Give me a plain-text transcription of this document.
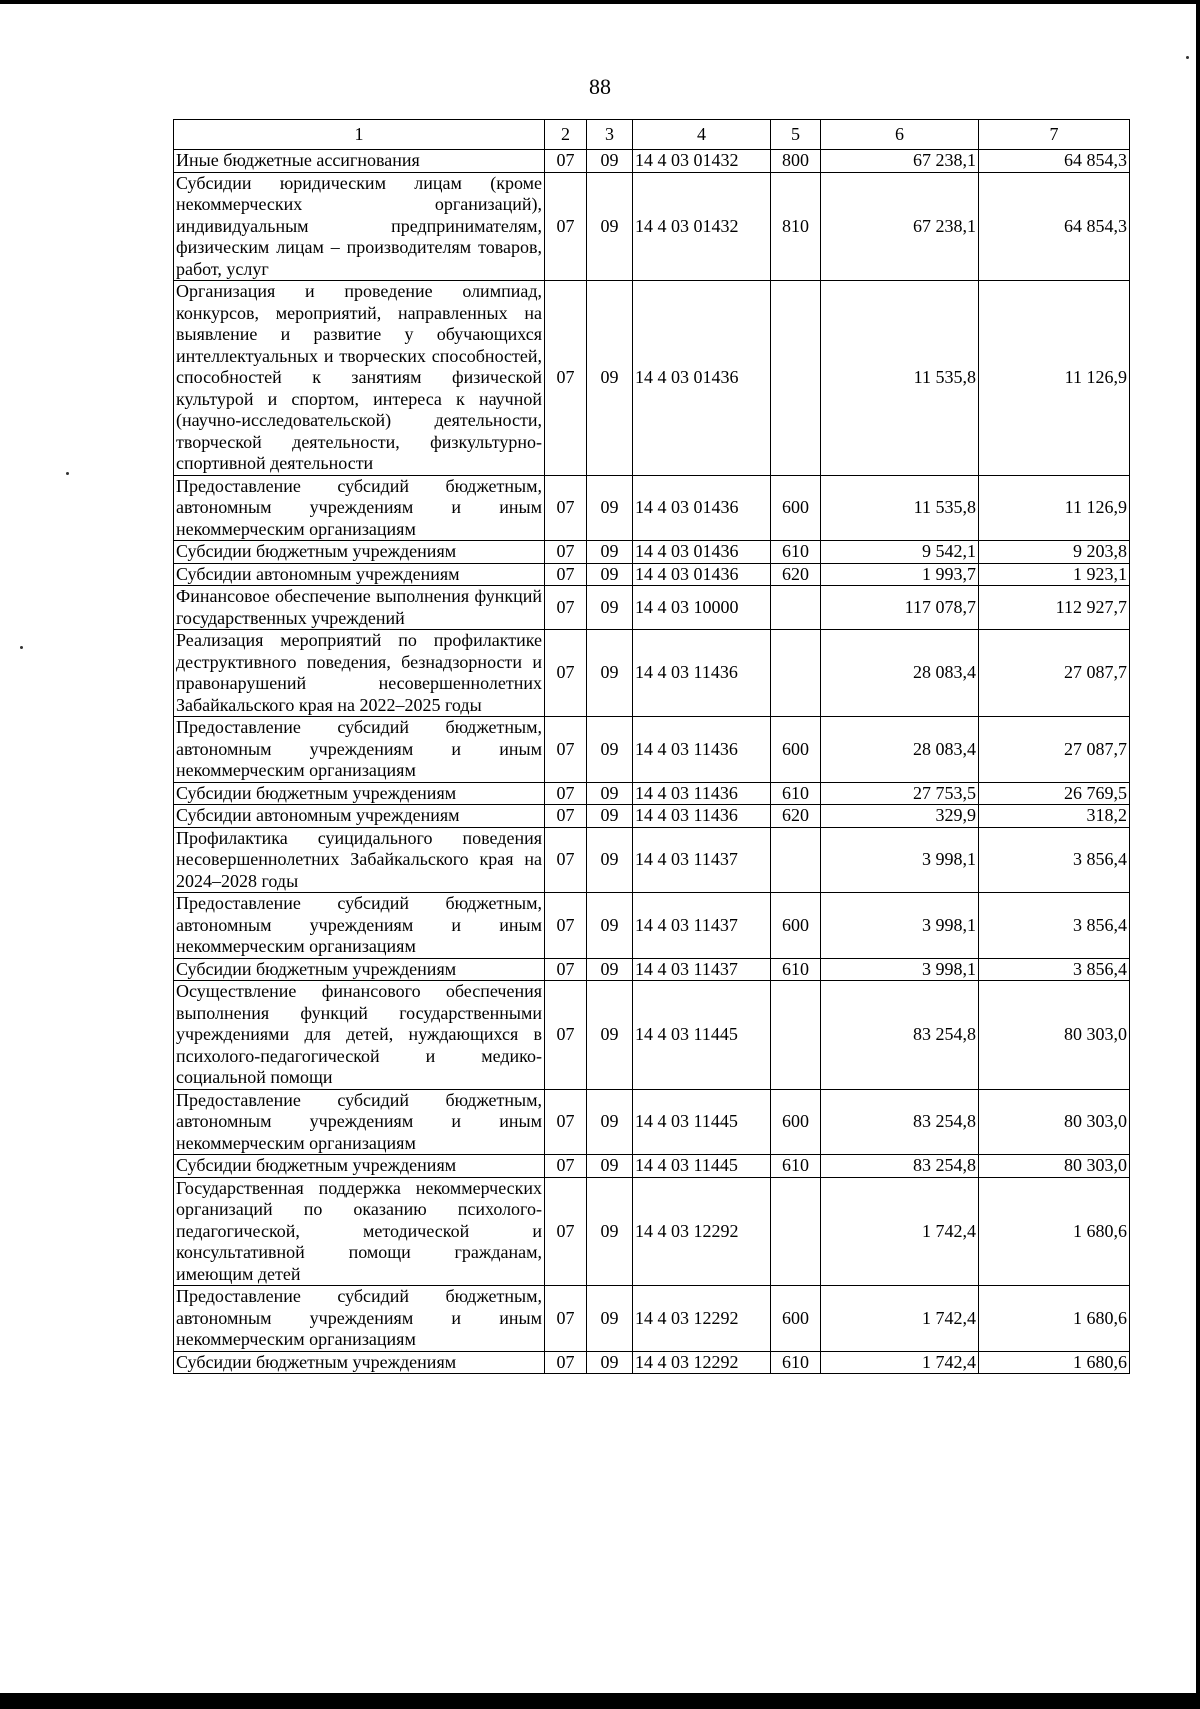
88
1	2	3	4	5	6	7
Иные бюджетные ассигнования	07	09	14 4 03 01432	800	67 238,1	64 854,3
Субсидии юридическим лицам (кроме некоммерческих организаций), индивидуальным предпринимателям, физическим лицам – производителям товаров, работ, услуг	07	09	14 4 03 01432	810	67 238,1	64 854,3
Организация и проведение олимпиад, конкурсов, мероприятий, направленных на выявление и развитие у обучающихся интеллектуальных и творческих способностей, способностей к занятиям физической культурой и спортом, интереса к научной (научно-исследовательской) деятельности, творческой деятельности, физкультурно-спортивной деятельности	07	09	14 4 03 01436		11 535,8	11 126,9
Предоставление субсидий бюджетным, автономным учреждениям и иным некоммерческим организациям	07	09	14 4 03 01436	600	11 535,8	11 126,9
Субсидии бюджетным учреждениям	07	09	14 4 03 01436	610	9 542,1	9 203,8
Субсидии автономным учреждениям	07	09	14 4 03 01436	620	1 993,7	1 923,1
Финансовое обеспечение выполнения функций государственных учреждений	07	09	14 4 03 10000		117 078,7	112 927,7
Реализация мероприятий по профилактике деструктивного поведения, безнадзорности и правонарушений несовершеннолетних Забайкальского края на 2022–2025 годы	07	09	14 4 03 11436		28 083,4	27 087,7
Предоставление субсидий бюджетным, автономным учреждениям и иным некоммерческим организациям	07	09	14 4 03 11436	600	28 083,4	27 087,7
Субсидии бюджетным учреждениям	07	09	14 4 03 11436	610	27 753,5	26 769,5
Субсидии автономным учреждениям	07	09	14 4 03 11436	620	329,9	318,2
Профилактика суицидального поведения несовершеннолетних Забайкальского края на 2024–2028 годы	07	09	14 4 03 11437		3 998,1	3 856,4
Предоставление субсидий бюджетным, автономным учреждениям и иным некоммерческим организациям	07	09	14 4 03 11437	600	3 998,1	3 856,4
Субсидии бюджетным учреждениям	07	09	14 4 03 11437	610	3 998,1	3 856,4
Осуществление финансового обеспечения выполнения функций государственными учреждениями для детей, нуждающихся в психолого-педагогической и медико-социальной помощи	07	09	14 4 03 11445		83 254,8	80 303,0
Предоставление субсидий бюджетным, автономным учреждениям и иным некоммерческим организациям	07	09	14 4 03 11445	600	83 254,8	80 303,0
Субсидии бюджетным учреждениям	07	09	14 4 03 11445	610	83 254,8	80 303,0
Государственная поддержка некоммерческих организаций по оказанию психолого-педагогической, методической и консультативной помощи гражданам, имеющим детей	07	09	14 4 03 12292		1 742,4	1 680,6
Предоставление субсидий бюджетным, автономным учреждениям и иным некоммерческим организациям	07	09	14 4 03 12292	600	1 742,4	1 680,6
Субсидии бюджетным учреждениям	07	09	14 4 03 12292	610	1 742,4	1 680,6
